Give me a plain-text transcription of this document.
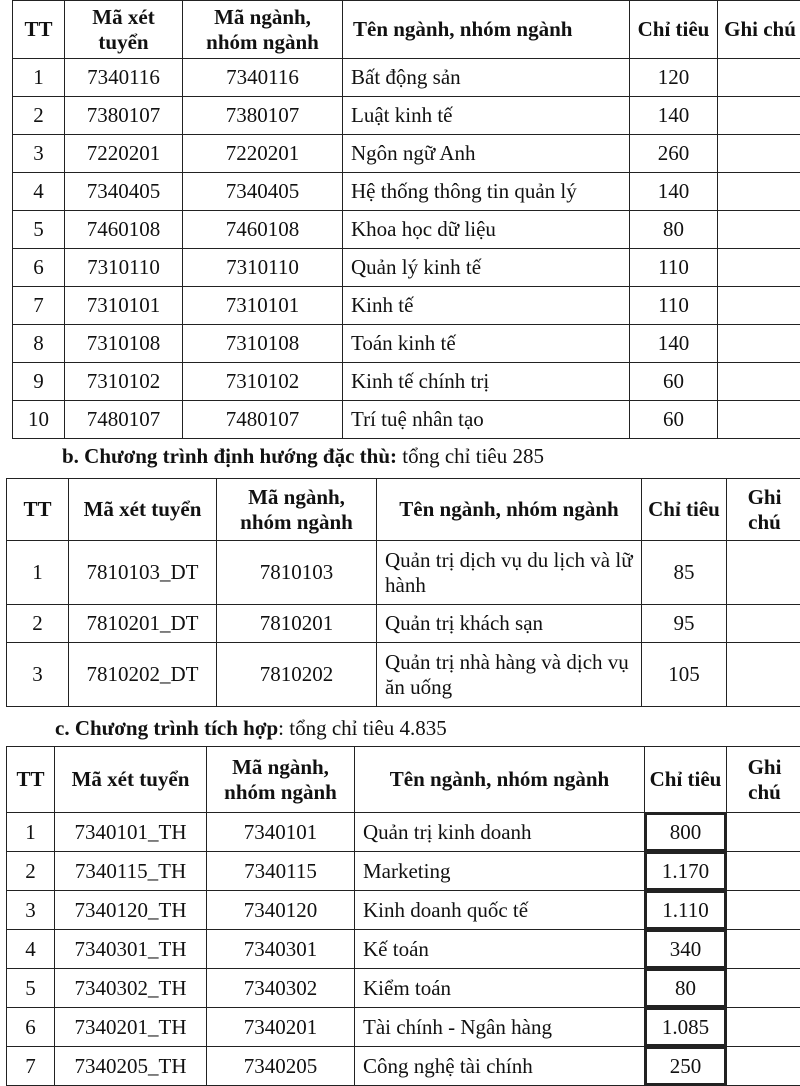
TT	Mã xét tuyển	Mã ngành, nhóm ngành	Tên ngành, nhóm ngành	Chỉ tiêu	Ghi chú
1	7340116	7340116	Bất động sản	120	
2	7380107	7380107	Luật kinh tế	140	
3	7220201	7220201	Ngôn ngữ Anh	260	
4	7340405	7340405	Hệ thống thông tin quản lý	140	
5	7460108	7460108	Khoa học dữ liệu	80	
6	7310110	7310110	Quản lý kinh tế	110	
7	7310101	7310101	Kinh tế	110	
8	7310108	7310108	Toán kinh tế	140	
9	7310102	7310102	Kinh tế chính trị	60	
10	7480107	7480107	Trí tuệ nhân tạo	60	
b. Chương trình định hướng đặc thù: tổng chỉ tiêu 285
TT	Mã xét tuyển	Mã ngành, nhóm ngành	Tên ngành, nhóm ngành	Chỉ tiêu	Ghi chú
1	7810103_DT	7810103	Quản trị dịch vụ du lịch và lữ hành	85	
2	7810201_DT	7810201	Quản trị khách sạn	95	
3	7810202_DT	7810202	Quản trị nhà hàng và dịch vụ ăn uống	105	
c. Chương trình tích hợp: tổng chỉ tiêu 4.835
TT	Mã xét tuyển	Mã ngành, nhóm ngành	Tên ngành, nhóm ngành	Chỉ tiêu	Ghi chú
1	7340101_TH	7340101	Quản trị kinh doanh	800	

2	7340115_TH	7340115	Marketing	1.170	

3	7340120_TH	7340120	Kinh doanh quốc tế	1.110	

4	7340301_TH	7340301	Kế toán	340	

5	7340302_TH	7340302	Kiểm toán	80	

6	7340201_TH	7340201	Tài chính - Ngân hàng	1.085	

7	7340205_TH	7340205	Công nghệ tài chính	250	
